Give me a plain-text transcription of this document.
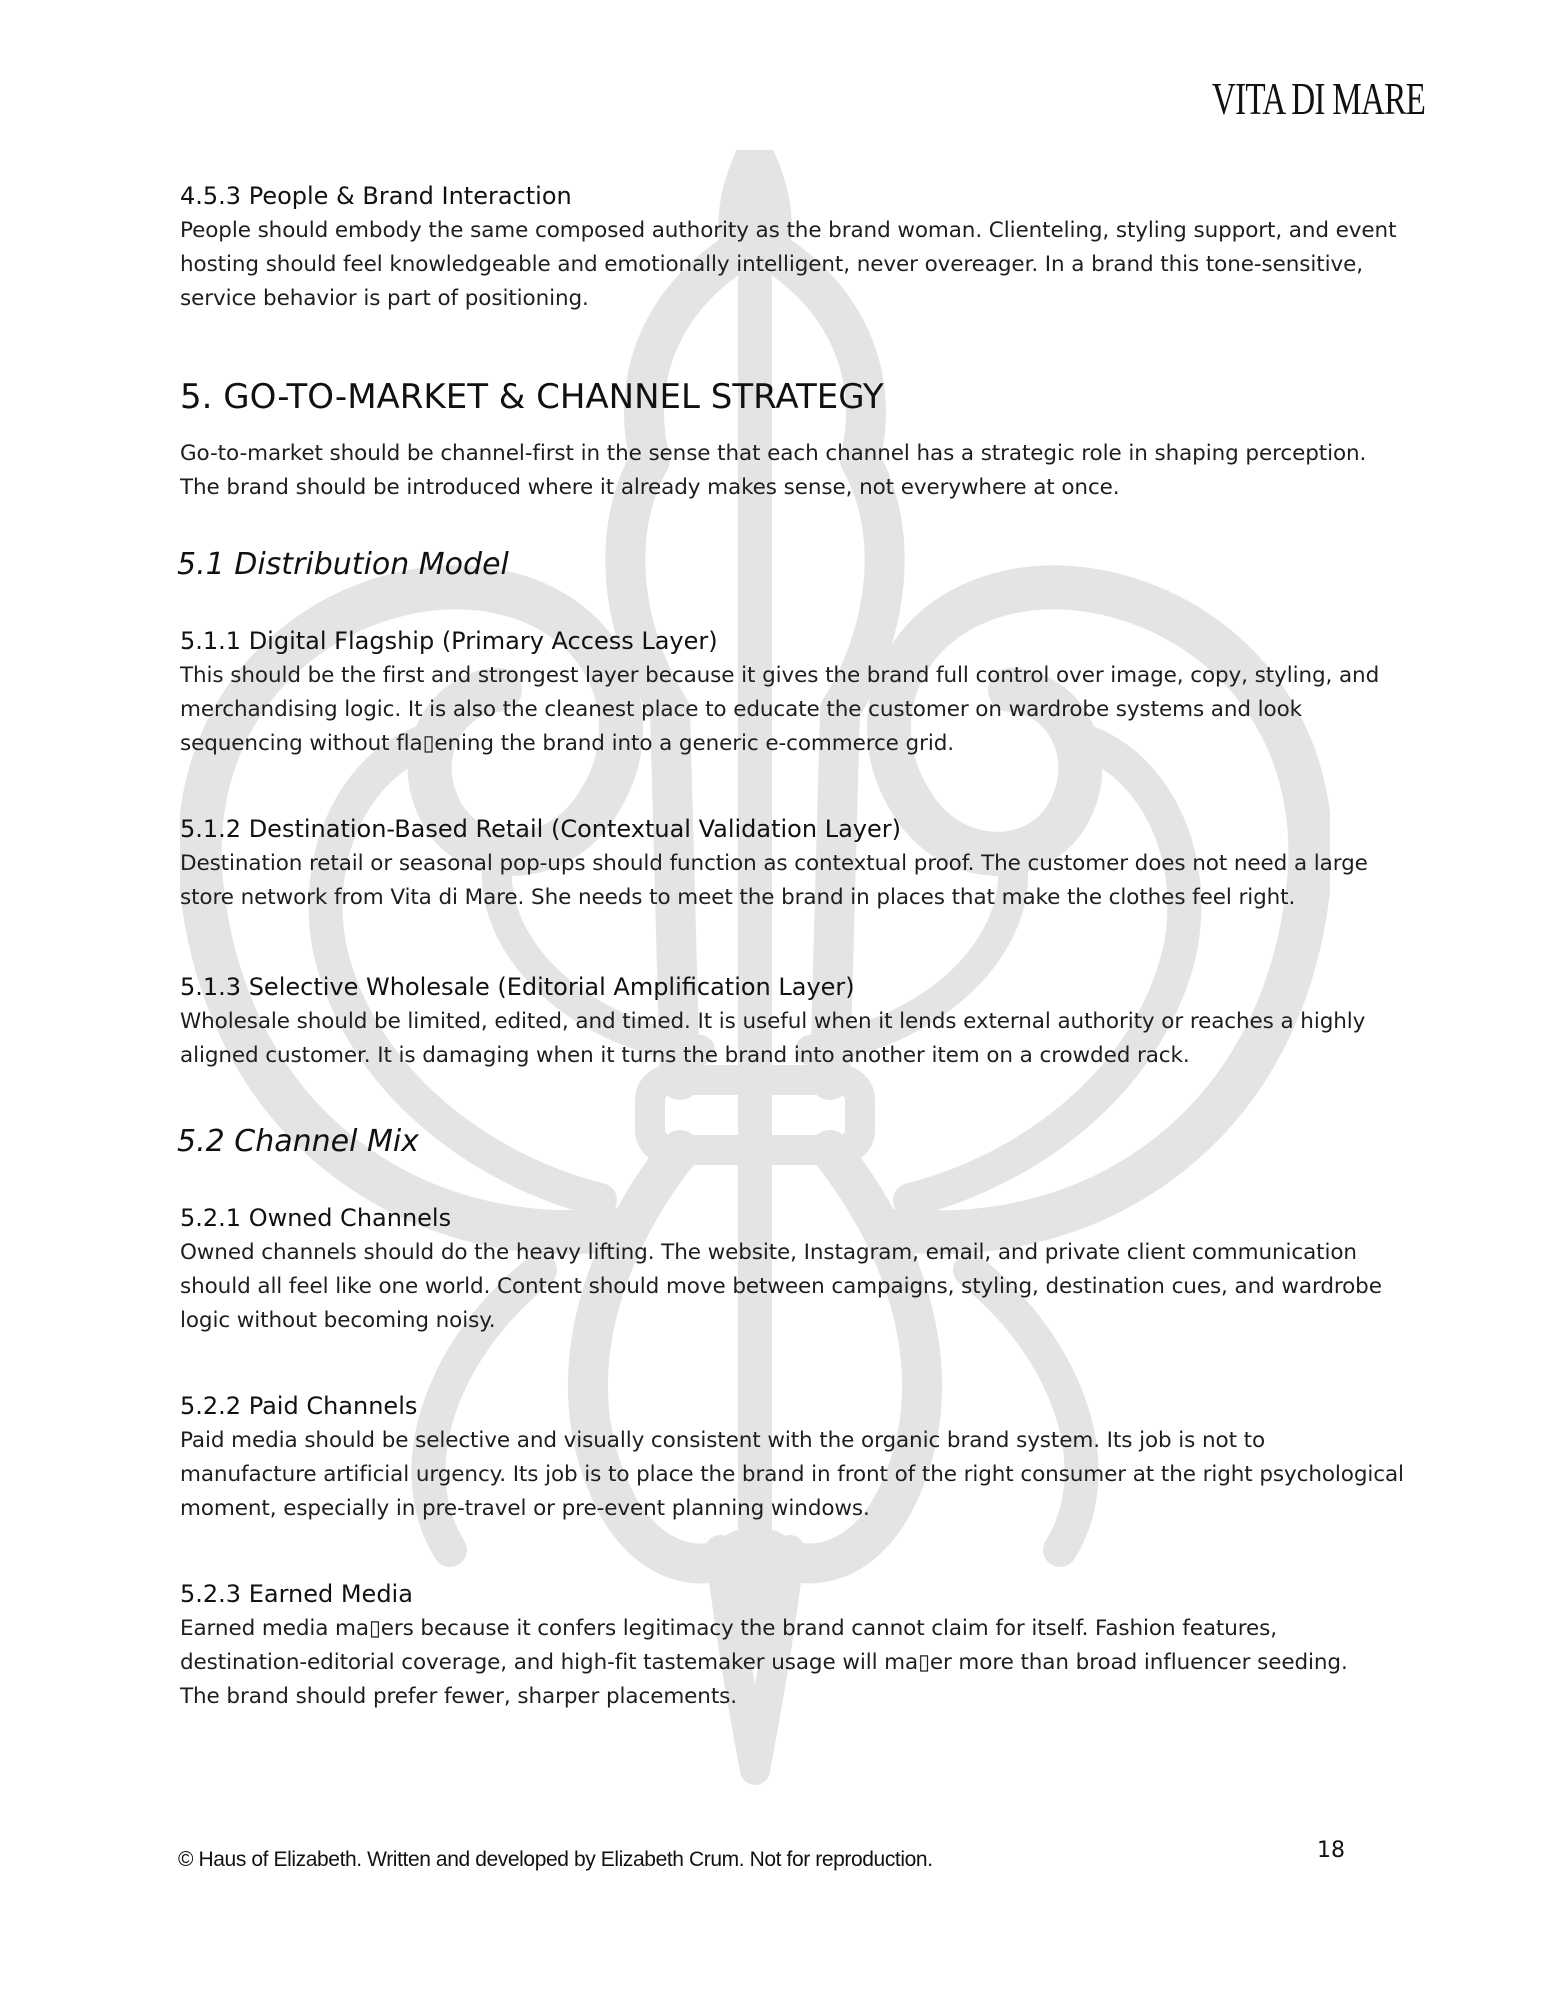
VITA DI MARE
4.5.3 People & Brand Interaction

People should embody the same composed authority as the brand woman. Clienteling, styling support, and event
hosting should feel knowledgeable and emotionally intelligent, never overeager. In a brand this tone-sensitive,
service behavior is part of positioning.

5. GO-TO-MARKET & CHANNEL STRATEGY

Go-to-market should be channel-first in the sense that each channel has a strategic role in shaping perception.
The brand should be introduced where it already makes sense, not everywhere at once.

5.1 Distribution Model
5.1.1 Digital Flagship (Primary Access Layer)

This should be the first and strongest layer because it gives the brand full control over image, copy, styling, and
merchandising logic. It is also the cleanest place to educate the customer on wardrobe systems and look
sequencing without fla▯ening the brand into a generic e-commerce grid.

5.1.2 Destination-Based Retail (Contextual Validation Layer)

Destination retail or seasonal pop-ups should function as contextual proof. The customer does not need a large
store network from Vita di Mare. She needs to meet the brand in places that make the clothes feel right.

5.1.3 Selective Wholesale (Editorial Amplification Layer)

Wholesale should be limited, edited, and timed. It is useful when it lends external authority or reaches a highly
aligned customer. It is damaging when it turns the brand into another item on a crowded rack.

5.2 Channel Mix
5.2.1 Owned Channels

Owned channels should do the heavy lifting. The website, Instagram, email, and private client communication
should all feel like one world. Content should move between campaigns, styling, destination cues, and wardrobe
logic without becoming noisy.

5.2.2 Paid Channels

Paid media should be selective and visually consistent with the organic brand system. Its job is not to
manufacture artificial urgency. Its job is to place the brand in front of the right consumer at the right psychological
moment, especially in pre-travel or pre-event planning windows.

5.2.3 Earned Media

Earned media ma▯ers because it confers legitimacy the brand cannot claim for itself. Fashion features,
destination-editorial coverage, and high-fit tastemaker usage will ma▯er more than broad influencer seeding.
The brand should prefer fewer, sharper placements.

© Haus of Elizabeth. Written and developed by Elizabeth Crum. Not for reproduction.	18
